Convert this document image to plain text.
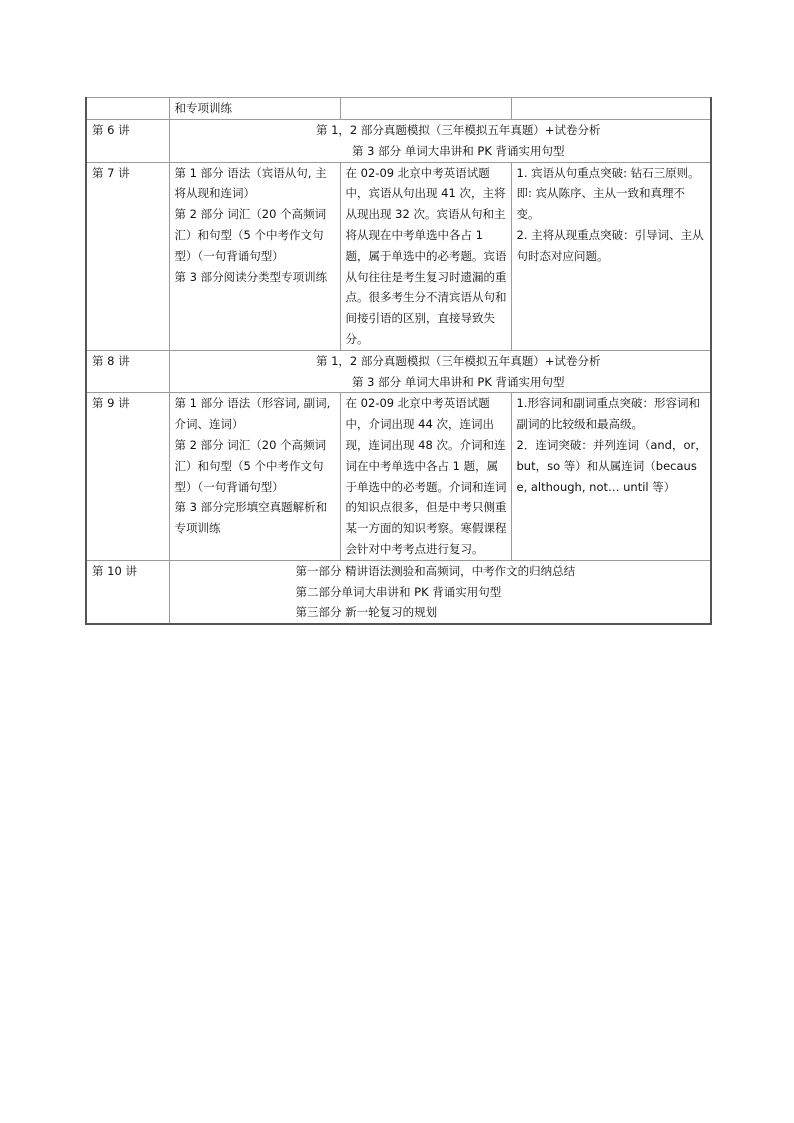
	和专项训练		

第 6 讲	第 1，2 部分真题模拟（三年模拟五年真题）+试卷分析
第 3 部分 单词大串讲和 PK 背诵实用句型		

第 7 讲	第 1 部分 语法（宾语从句, 主将从现和连词）
第 2 部分 词汇（20 个高频词汇）和句型（5 个中考作文句型）（一句背诵句型）
第 3 部分阅读分类型专项训练	在 02-09 北京中考英语试题中，宾语从句出现 41 次，主将从现出现 32 次。宾语从句和主将从现在中考单选中各占 1 题，属于单选中的必考题。宾语从句往往是考生复习时遗漏的重点。很多考生分不清宾语从句和间接引语的区别，直接导致失分。	1. 宾语从句重点突破: 钻石三原则。即: 宾从陈序、主从一致和真理不变。
2. 主将从现重点突破：引导词、主从句时态对应问题。

第 8 讲	第 1，2 部分真题模拟（三年模拟五年真题）+试卷分析
第 3 部分 单词大串讲和 PK 背诵实用句型		

第 9 讲	第 1 部分 语法（形容词, 副词, 介词、连词）
第 2 部分 词汇（20 个高频词汇）和句型（5 个中考作文句型）（一句背诵句型）
第 3 部分完形填空真题解析和专项训练	在 02-09 北京中考英语试题中，介词出现 44 次，连词出现，连词出现 48 次。介词和连词在中考单选中各占 1 题，属于单选中的必考题。介词和连词的知识点很多，但是中考只侧重某一方面的知识考察。寒假课程会针对中考考点进行复习。	1.形容词和副词重点突破：形容词和副词的比较级和最高级。
2．连词突破：并列连词（and，or，but，so 等）和从属连词（because, although, not… until 等）

第 10 讲	第一部分 精讲语法测验和高频词，中考作文的归纳总结
第二部分单词大串讲和 PK 背诵实用句型
第三部分 新一轮复习的规划		
